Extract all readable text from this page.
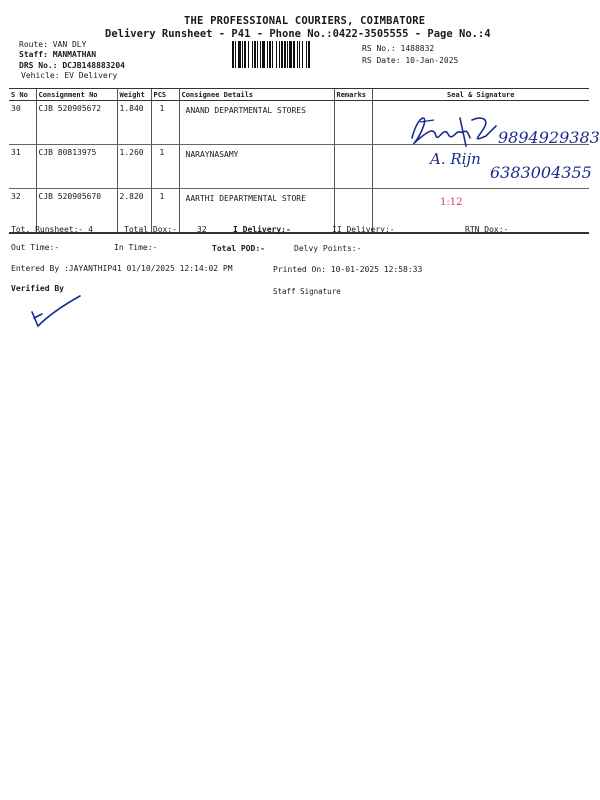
THE PROFESSIONAL COURIERS, COIMBATORE
Delivery Runsheet - P41 - Phone No.:0422-3505555 - Page No.:4
Route: VAN DLY
Staff: MANMATHAN
DRS No.: DCJB148883204
Vehicle: EV Delivery
RS No.: 1488832
RS Date: 10-Jan-2025
S No	Consignment No	Weight	PCS	Consignee Details	Remarks	Seal & Signature
30	CJB 520905672	1.840	1	ANAND DEPARTMENTAL STORES		
31	CJB 80813975	1.260	1	NARAYNASAMY		
32	CJB 520905670	2.820	1	AARTHI DEPARTMENTAL STORE		
9894929383
A. Rijn
6383004355
1:12
Tot. Runsheet:- 4	Total Dox:-	32	I Delivery:-	II Delivery:-	RTN Dox:-
Out Time:-	In Time:-	Total POD:-	Delvy Points:-
Entered By :JAYANTHIP41 01/10/2025 12:14:02 PM	Printed On: 10-01-2025 12:58:33
Verified By	Staff Signature
